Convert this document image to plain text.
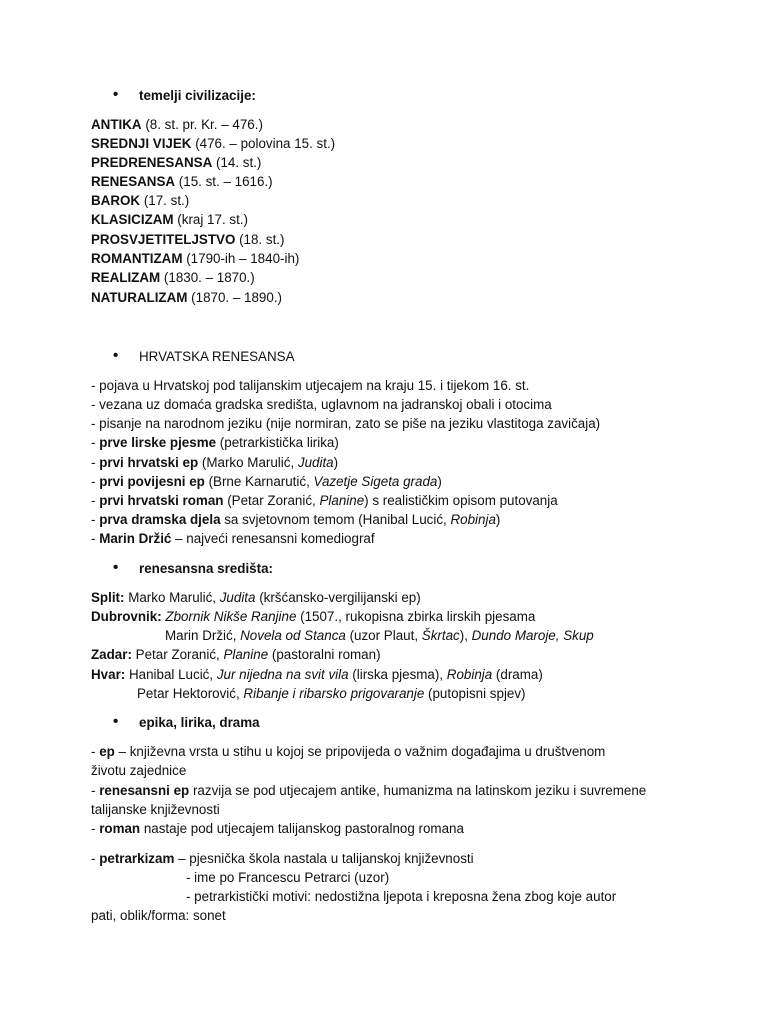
• temelji civilizacije:
ANTIKA (8. st. pr. Kr. – 476.)
SREDNJI VIJEK (476. – polovina 15. st.)
PREDRENESANSA (14. st.)
RENESANSA (15. st. – 1616.)
BAROK (17. st.)
KLASICIZAM (kraj 17. st.)
PROSVJETITELJSTVO (18. st.)
ROMANTIZAM (1790-ih – 1840-ih)
REALIZAM (1830. – 1870.)
NATURALIZAM (1870. – 1890.)
• HRVATSKA RENESANSA
- pojava u Hrvatskoj pod talijanskim utjecajem na kraju 15. i tijekom 16. st.
- vezana uz domaća gradska središta, uglavnom na jadranskoj obali i otocima
- pisanje na narodnom jeziku (nije normiran, zato se piše na jeziku vlastitoga zavičaja)
- prve lirske pjesme (petrarkistička lirika)
- prvi hrvatski ep (Marko Marulić, Judita)
- prvi povijesni ep (Brne Karnarutić, Vazetje Sigeta grada)
- prvi hrvatski roman (Petar Zoranić, Planine) s realističkim opisom putovanja
- prva dramska djela sa svjetovnom temom (Hanibal Lucić, Robinja)
- Marin Držić – najveći renesansni komediograf
• renesansna središta:
Split: Marko Marulić, Judita (kršćansko-vergilijanski ep)
Dubrovnik: Zbornik Nikše Ranjine (1507., rukopisna zbirka lirskih pjesama
Marin Držić, Novela od Stanca (uzor Plaut, Škrtac), Dundo Maroje, Skup
Zadar: Petar Zoranić, Planine (pastoralni roman)
Hvar: Hanibal Lucić, Jur nijedna na svit vila (lirska pjesma), Robinja (drama)
Petar Hektorović, Ribanje i ribarsko prigovaranje (putopisni spjev)
• epika, lirika, drama
- ep – književna vrsta u stihu u kojoj se pripovijeda o važnim događajima u društvenom
životu zajednice
- renesansni ep razvija se pod utjecajem antike, humanizma na latinskom jeziku i suvremene
talijanske književnosti
- roman nastaje pod utjecajem talijanskog pastoralnog romana
- petrarkizam – pjesnička škola nastala u talijanskoj književnosti
- ime po Francescu Petrarci (uzor)
- petrarkistički motivi: nedostižna ljepota i kreposna žena zbog koje autor
pati, oblik/forma: sonet
